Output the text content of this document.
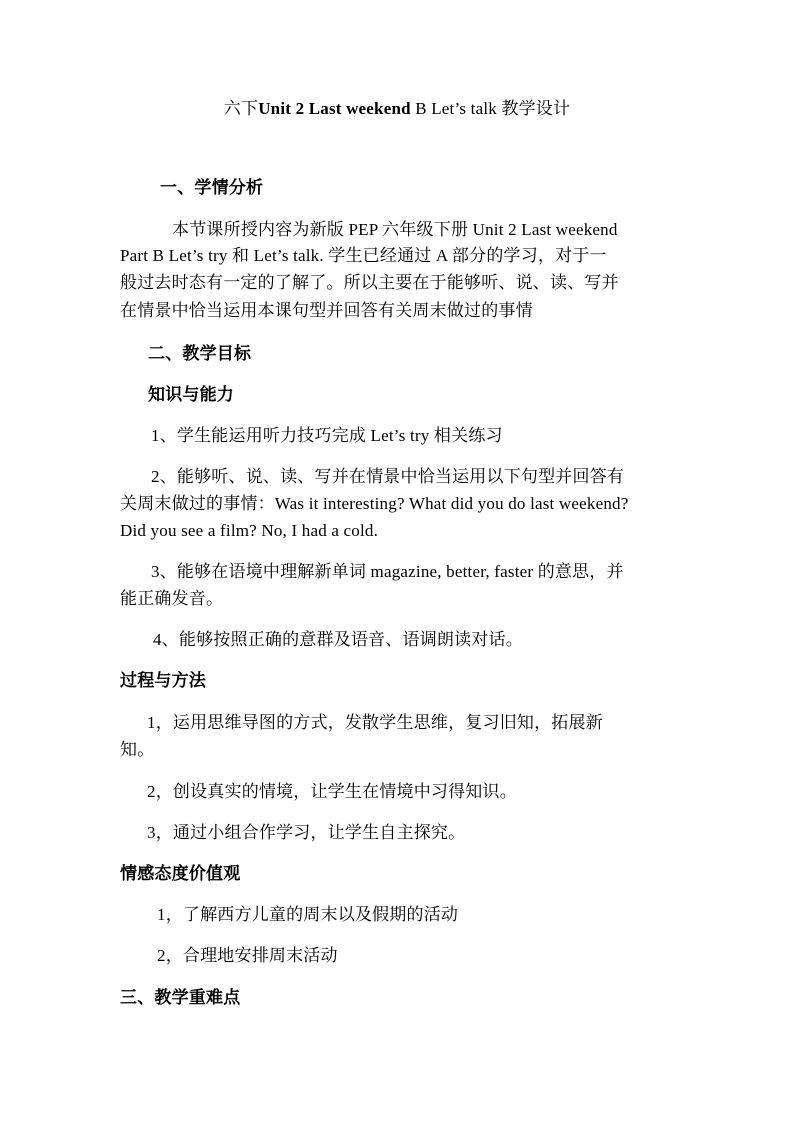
六下Unit 2 Last weekend B Let’s talk 教学设计
一、学情分析
本节课所授内容为新版 PEP 六年级下册 Unit 2 Last weekend
Part B Let’s try 和 Let’s talk. 学生已经通过 A 部分的学习，对于一
般过去时态有一定的了解了。所以主要在于能够听、说、读、写并
在情景中恰当运用本课句型并回答有关周末做过的事情
二、教学目标
知识与能力
1、学生能运用听力技巧完成 Let’s try 相关练习
2、能够听、说、读、写并在情景中恰当运用以下句型并回答有
关周末做过的事情：Was it interesting? What did you do last weekend?
Did you see a film? No, I had a cold.
3、能够在语境中理解新单词 magazine, better, faster 的意思，并
能正确发音。
4、能够按照正确的意群及语音、语调朗读对话。
过程与方法
1，运用思维导图的方式，发散学生思维，复习旧知，拓展新
知。
2，创设真实的情境，让学生在情境中习得知识。
3，通过小组合作学习，让学生自主探究。
情感态度价值观
1，了解西方儿童的周末以及假期的活动
2，合理地安排周末活动
三、教学重难点
